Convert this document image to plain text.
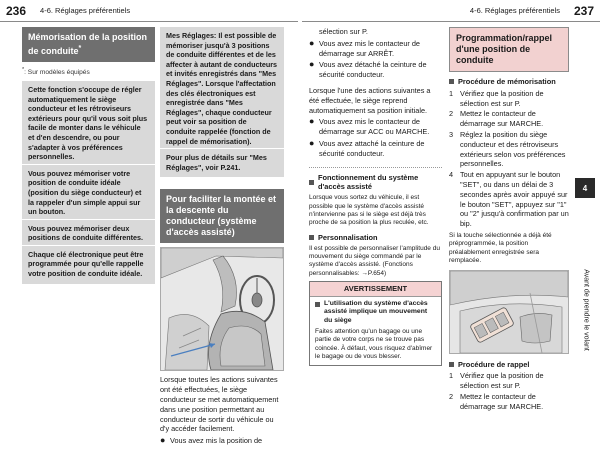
236 4-6. Réglages préférentiels	4-6. Réglages préférentiels 237
Mémorisation de la position de conduite*
*: Sur modèles équipés

Cette fonction s'occupe de régler automatiquement le siège conducteur et les rétroviseurs extérieurs pour qu'il vous soit plus facile de monter dans le véhicule et d'en descendre, ou pour s'adapter à vos préférences personnelles.

Vous pouvez mémoriser votre position de conduite idéale (position du siège conducteur) et la rappeler d'un simple appui sur un bouton.

Vous pouvez mémoriser deux positions de conduite différentes.

Chaque clé électronique peut être programmée pour qu'elle rappelle votre position de conduite idéale.

Mes Réglages: Il est possible de mémoriser jusqu'à 3 positions de conduite différentes et de les affecter à autant de conducteurs et invités enregistrés dans "Mes Réglages". Lorsque l'affectation des clés électroniques est enregistrée dans "Mes Réglages", chaque conducteur peut voir sa position de conduite rappelée (fonction de rappel de mémorisation).

Pour plus de détails sur "Mes Réglages", voir P.241.

Pour faciliter la montée et la descente du conducteur (système d'accès assisté)

Lorsque toutes les actions suivantes ont été effectuées, le siège conducteur se met automatiquement dans une position permettant au conducteur de sortir du véhicule ou d'y accéder facilement.

● Vous avez mis la position de

sélection sur P.

● Vous avez mis le contacteur de démarrage sur ARRÊT.
● Vous avez détaché la ceinture de sécurité conducteur.

Lorsque l'une des actions suivantes a été effectuée, le siège reprend automatiquement sa position initiale.

● Vous avez mis le contacteur de démarrage sur ACC ou MARCHE.
● Vous avez attaché la ceinture de sécurité conducteur.
Fonctionnement du système d'accès assisté

Lorsque vous sortez du véhicule, il est possible que le système d'accès assisté n'intervienne pas si le siège est déjà très proche de sa position la plus reculée, etc.

Personnalisation

Il est possible de personnaliser l'amplitude du mouvement du siège commandé par le système d'accès assisté. (Fonctions personnalisables: →P.654)

AVERTISSEMENT
L'utilisation du système d'accès assisté implique un mouvement du siège

Faites attention qu'un bagage ou une partie de votre corps ne se trouve pas coincée. À défaut, vous risquez d'abîmer le bagage ou de vous blesser.

Programmation/rappel d'une position de conduite
Procédure de mémorisation
1 Vérifiez que la position de sélection est sur P.
2 Mettez le contacteur de démarrage sur MARCHE.
3 Réglez la position du siège conducteur et des rétroviseurs extérieurs selon vos préférences personnelles.
4 Tout en appuyant sur le bouton "SET", ou dans un délai de 3 secondes après avoir appuyé sur le bouton "SET", appuyez sur "1" ou "2" jusqu'à confirmation par un bip.

Si la touche sélectionnée a déjà été préprogrammée, la position préalablement enregistrée sera remplacée.

Procédure de rappel
1 Vérifiez que la position de sélection est sur P.
2 Mettez le contacteur de démarrage sur MARCHE.
4
Avant de prendre le volant
